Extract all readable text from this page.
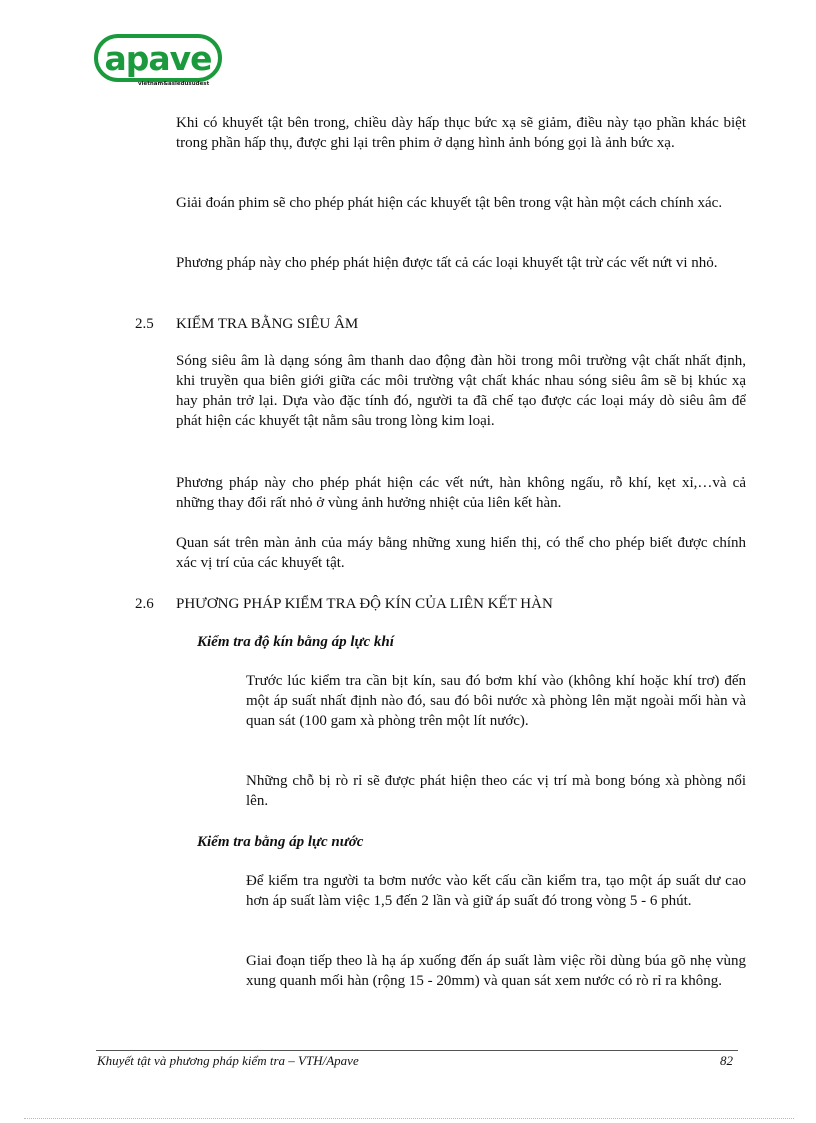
apave
vietnam&asiedusudest

Khi có khuyết tật bên trong, chiều dày hấp thục bức xạ sẽ giảm, điều này tạo phần khác biệt trong phần hấp thụ, được ghi lại trên phim ở dạng hình ảnh bóng gọi là ảnh bức xạ.

Giải đoán phim sẽ cho phép phát hiện các khuyết tật bên trong vật hàn một cách chính xác.

Phương pháp này cho phép phát hiện được tất cả các loại khuyết tật trừ các vết nứt vi nhỏ.

2.5 KIỂM TRA BẰNG SIÊU ÂM

Sóng siêu âm là dạng sóng âm thanh dao động đàn hồi trong môi trường vật chất nhất định, khi truyền qua biên giới giữa các môi trường vật chất khác nhau sóng siêu âm sẽ bị khúc xạ hay phản trở lại. Dựa vào đặc tính đó, người ta đã chế tạo được các loại máy dò siêu âm để phát hiện các khuyết tật nằm sâu trong lòng kim loại.

Phương pháp này cho phép phát hiện các vết nứt, hàn không ngấu, rỗ khí, kẹt xỉ,…và cả những thay đổi rất nhỏ ở vùng ảnh hưởng nhiệt của liên kết hàn.

Quan sát trên màn ảnh của máy bằng những xung hiển thị, có thể cho phép biết được chính xác vị trí của các khuyết tật.

2.6 PHƯƠNG PHÁP KIỂM TRA ĐỘ KÍN CỦA LIÊN KẾT HÀN

Kiểm tra độ kín bằng áp lực khí

Trước lúc kiểm tra cần bịt kín, sau đó bơm khí vào (không khí hoặc khí trơ) đến một áp suất nhất định nào đó, sau đó bôi nước xà phòng lên mặt ngoài mối hàn và quan sát (100 gam xà phòng trên một lít nước).

Những chỗ bị rò rỉ sẽ được phát hiện theo các vị trí mà bong bóng xà phòng nổi lên.

Kiểm tra bằng áp lực nước

Để kiểm tra người ta bơm nước vào kết cấu cần kiểm tra, tạo một áp suất dư cao hơn áp suất làm việc 1,5 đến 2 lần và giữ áp suất đó trong vòng 5 - 6 phút.

Giai đoạn tiếp theo là hạ áp xuống đến áp suất làm việc rồi dùng búa gõ nhẹ vùng xung quanh mối hàn (rộng 15 - 20mm) và quan sát xem nước có rò rỉ ra không.

Khuyết tật và phương pháp kiểm tra – VTH/Apave	82
